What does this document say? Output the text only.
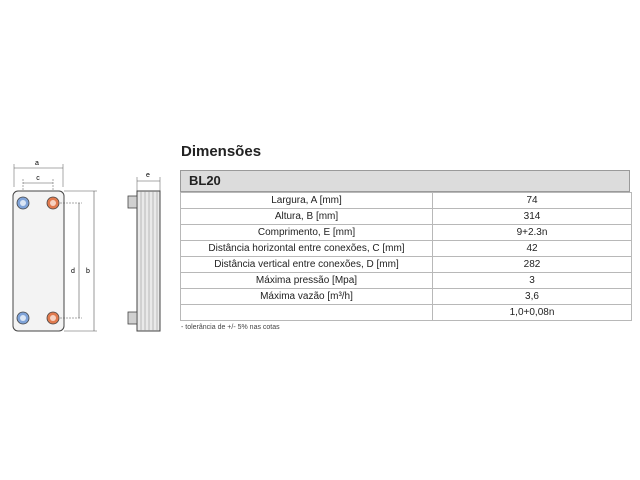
a
c
d b
e
Dimensões
BL20
Largura, A [mm]	74
Altura, B [mm]	314
Comprimento, E [mm]	9+2.3n
Distância horizontal entre conexões, C [mm]	42
Distância vertical entre conexões, D [mm]	282
Máxima pressão [Mpa]	3
Máxima vazão [m³/h]	3,6
	1,0+0,08n
- tolerância de +/- 5% nas cotas
